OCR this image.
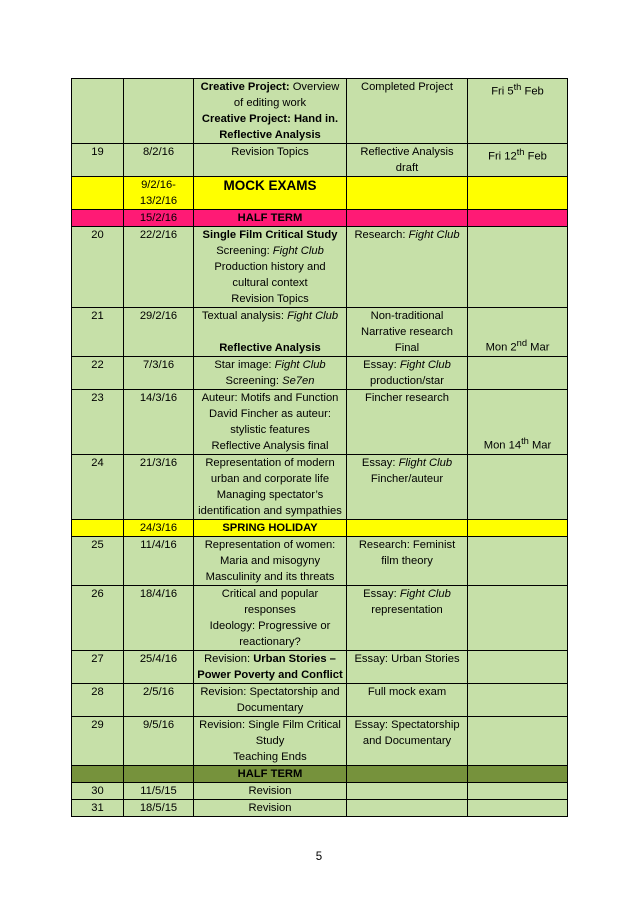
		Creative Project: Overview of editing work
Creative Project: Hand in. Reflective Analysis	Completed Project	Fri 5th Feb
19	8/2/16	Revision Topics	Reflective Analysis draft	Fri 12th Feb
	9/2/16-13/2/16	MOCK EXAMS		
	15/2/16	HALF TERM		
20	22/2/16	Single Film Critical Study
Screening: Fight Club
Production history and cultural context
Revision Topics	Research: Fight Club	
21	29/2/16	Textual analysis: Fight Club

Reflective Analysis	Non-traditional Narrative research Final	Mon 2nd Mar
22	7/3/16	Star image: Fight Club
Screening: Se7en	Essay: Fight Club production/star	
23	14/3/16	Auteur: Motifs and Function
David Fincher as auteur: stylistic features
Reflective Analysis final	Fincher research	Mon 14th Mar
24	21/3/16	Representation of modern urban and corporate life
Managing spectator’s identification and sympathies	Essay: Flight Club Fincher/auteur	
	24/3/16	SPRING HOLIDAY		
25	11/4/16	Representation of women: Maria and misogyny
Masculinity and its threats	Research: Feminist film theory	
26	18/4/16	Critical and popular responses
Ideology: Progressive or reactionary?	Essay: Fight Club representation	
27	25/4/16	Revision: Urban Stories – Power Poverty and Conflict	Essay: Urban Stories	
28	2/5/16	Revision: Spectatorship and Documentary	Full mock exam	
29	9/5/16	Revision: Single Film Critical Study
Teaching Ends	Essay: Spectatorship and Documentary	
		HALF TERM		
30	11/5/15	Revision		
31	18/5/15	Revision		
5
